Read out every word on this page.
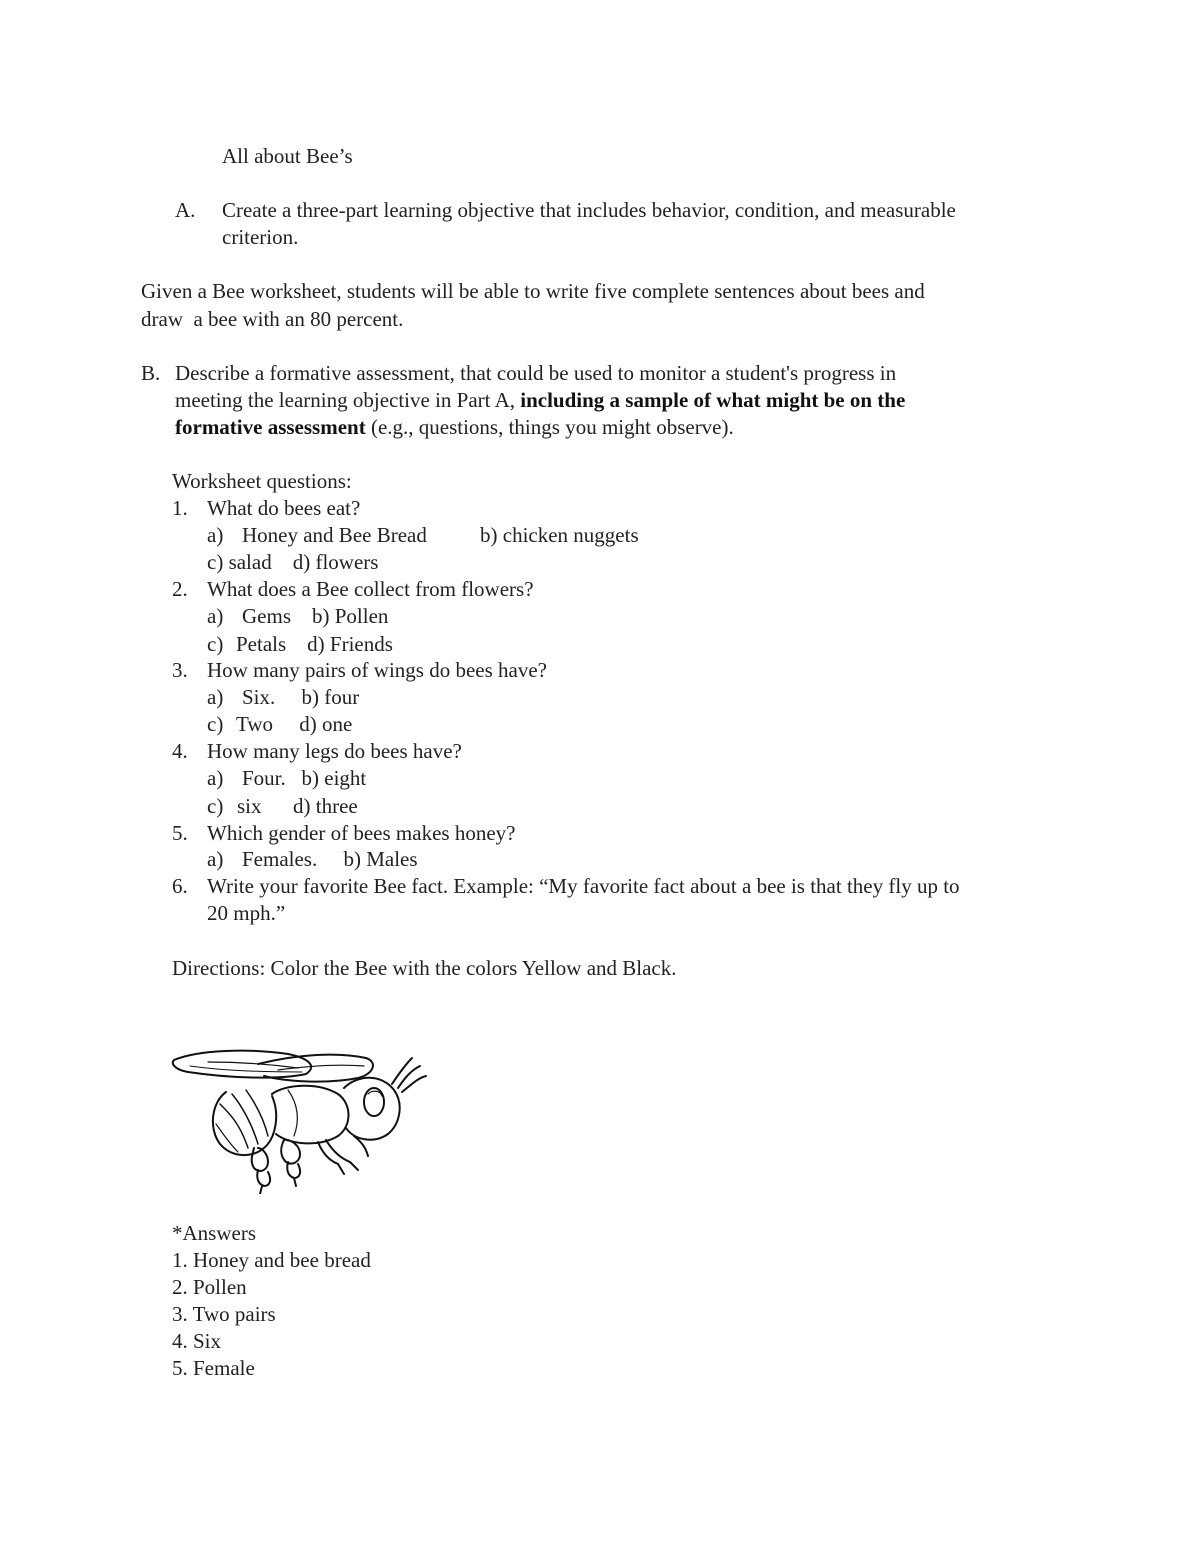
All about Bee’s
A. Create a three-part learning objective that includes behavior, condition, and measurable
criterion.
Given a Bee worksheet, students will be able to write five complete sentences about bees and
draw  a bee with an 80 percent.
B. Describe a formative assessment, that could be used to monitor a student's progress in
meeting the learning objective in Part A, including a sample of what might be on the
formative assessment (e.g., questions, things you might observe).
Worksheet questions:
1. What do bees eat?
a) Honey and Bee Bread	b) chicken nuggets
c) salad    d) flowers
2. What does a Bee collect from flowers?
a) Gems    b) Pollen
c) Petals    d) Friends
3. How many pairs of wings do bees have?
a) Six.     b) four
c) Two     d) one
4. How many legs do bees have?
a) Four.   b) eight
c) six      d) three
5. Which gender of bees makes honey?
a) Females.     b) Males
6. Write your favorite Bee fact. Example: “My favorite fact about a bee is that they fly up to
20 mph.”
Directions: Color the Bee with the colors Yellow and Black.
*Answers
1. Honey and bee bread
2. Pollen
3. Two pairs
4. Six
5. Female
